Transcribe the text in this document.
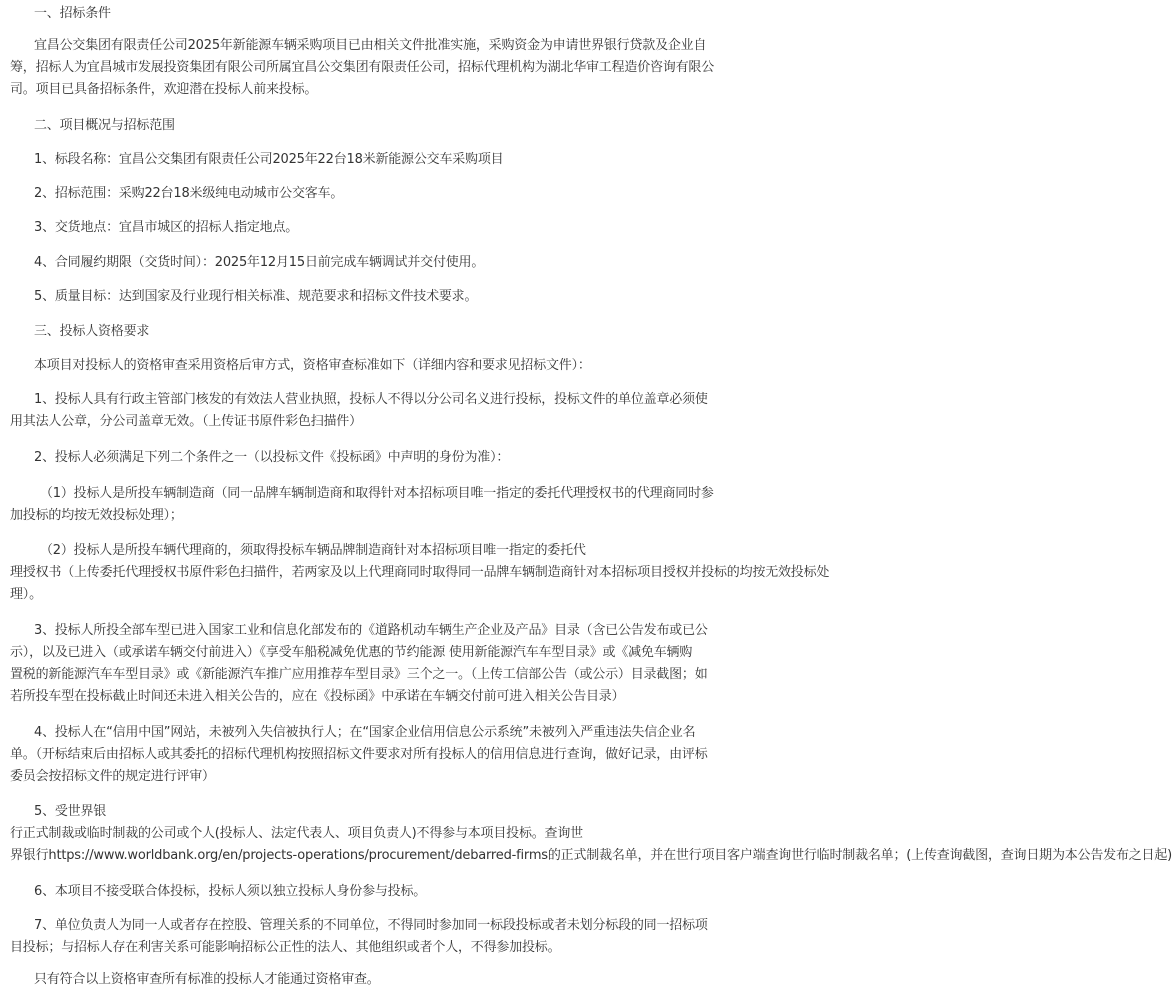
一、招标条件
宜昌公交集团有限责任公司2025年新能源车辆采购项目已由相关文件批准实施，采购资金为申请世界银行贷款及企业自
筹，招标人为宜昌城市发展投资集团有限公司所属宜昌公交集团有限责任公司，招标代理机构为湖北华审工程造价咨询有限公
司。项目已具备招标条件，欢迎潜在投标人前来投标。
二、项目概况与招标范围
1、标段名称：宜昌公交集团有限责任公司2025年22台18米新能源公交车采购项目
2、招标范围：采购22台18米级纯电动城市公交客车。
3、交货地点：宜昌市城区的招标人指定地点。
4、合同履约期限（交货时间）：2025年12月15日前完成车辆调试并交付使用。
5、质量目标：达到国家及行业现行相关标准、规范要求和招标文件技术要求。
三、投标人资格要求
本项目对投标人的资格审查采用资格后审方式，资格审查标准如下（详细内容和要求见招标文件）：
1、投标人具有行政主管部门核发的有效法人营业执照，投标人不得以分公司名义进行投标，投标文件的单位盖章必须使
用其法人公章，分公司盖章无效。（上传证书原件彩色扫描件）
2、投标人必须满足下列二个条件之一（以投标文件《投标函》中声明的身份为准）：
（1）投标人是所投车辆制造商（同一品牌车辆制造商和取得针对本招标项目唯一指定的委托代理授权书的代理商同时参
加投标的均按无效投标处理）；
（2）投标人是所投车辆代理商的，须取得投标车辆品牌制造商针对本招标项目唯一指定的委托代
理授权书（上传委托代理授权书原件彩色扫描件，若两家及以上代理商同时取得同一品牌车辆制造商针对本招标项目授权并投标的均按无效投标处
理）。
3、投标人所投全部车型已进入国家工业和信息化部发布的《道路机动车辆生产企业及产品》目录（含已公告发布或已公
示），以及已进入（或承诺车辆交付前进入）《享受车船税减免优惠的节约能源 使用新能源汽车车型目录》或《减免车辆购
置税的新能源汽车车型目录》或《新能源汽车推广应用推荐车型目录》三个之一。（上传工信部公告（或公示）目录截图；如
若所投车型在投标截止时间还未进入相关公告的，应在《投标函》中承诺在车辆交付前可进入相关公告目录）
4、投标人在“信用中国”网站，未被列入失信被执行人；在“国家企业信用信息公示系统”未被列入严重违法失信企业名
单。（开标结束后由招标人或其委托的招标代理机构按照招标文件要求对所有投标人的信用信息进行查询，做好记录，由评标
委员会按招标文件的规定进行评审）
5、受世界银
行正式制裁或临时制裁的公司或个人(投标人、法定代表人、项目负责人)不得参与本项目投标。查询世
界银行https://www.worldbank.org/en/projects-operations/procurement/debarred-firms的正式制裁名单，并在世行项目客户端查询世行临时制裁名单；(上传查询截图，查询日期为本公告发布之日起)
6、本项目不接受联合体投标，投标人须以独立投标人身份参与投标。
7、单位负责人为同一人或者存在控股、管理关系的不同单位，不得同时参加同一标段投标或者未划分标段的同一招标项
目投标；与招标人存在利害关系可能影响招标公正性的法人、其他组织或者个人，不得参加投标。
只有符合以上资格审查所有标准的投标人才能通过资格审查。
